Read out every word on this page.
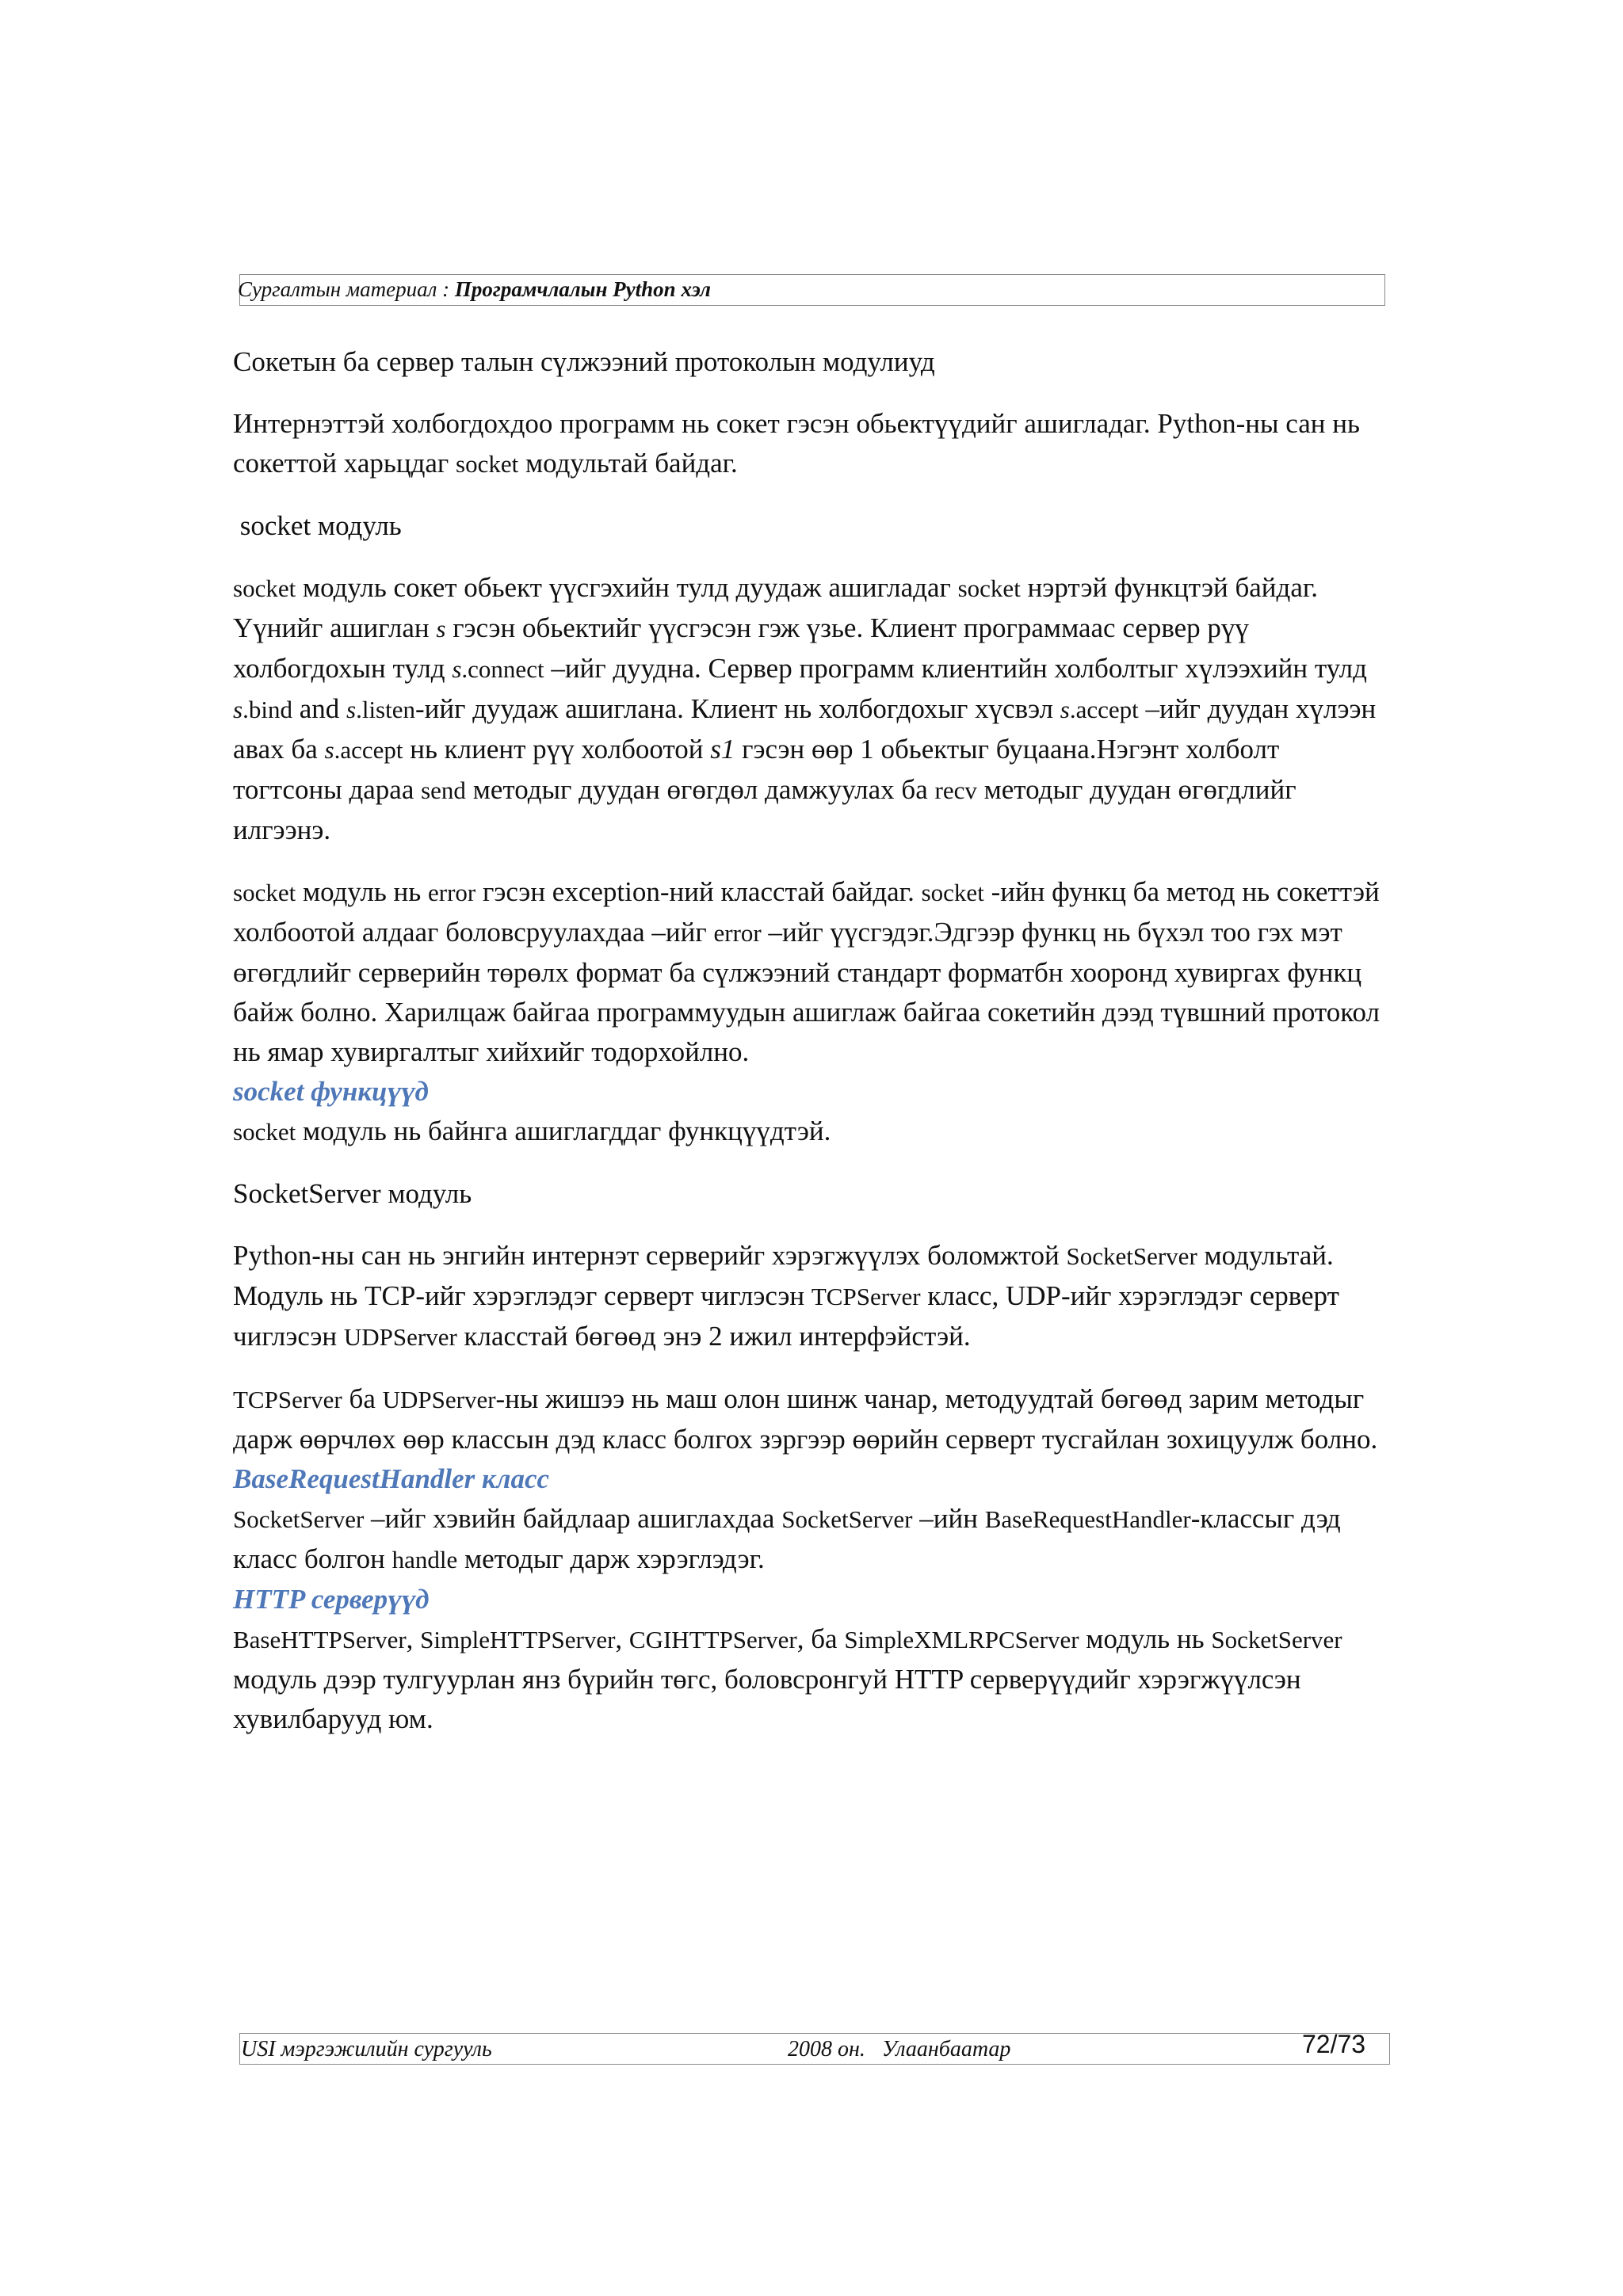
Сургалтын материал : Програмчлалын Python хэл

Сокетын ба сервер талын сүлжээний протоколын модулиуд

Интернэттэй холбогдохдоо программ нь сокет гэсэн обьектүүдийг ашигладаг. Python-ны сан нь сокеттой харьцдаг socket модультай байдаг.

socket модуль

socket модуль сокет обьект үүсгэхийн тулд дуудаж ашигладаг socket нэртэй функцтэй байдаг. Үүнийг ашиглан s гэсэн обьектийг үүсгэсэн гэж үзье. Клиент программаас сервер рүү холбогдохын тулд s.connect –ийг дуудна. Сервер программ клиентийн холболтыг хүлээхийн тулд s.bind and s.listen-ийг дуудаж ашиглана. Клиент нь холбогдохыг хүсвэл s.accept –ийг дуудан хүлээн авах ба s.accept нь клиент рүү холбоотой s1 гэсэн өөр 1 обьектыг буцаана.Нэгэнт холболт тогтсоны дараа send методыг дуудан өгөгдөл дамжуулах ба recv методыг дуудан өгөгдлийг илгээнэ.

socket модуль нь error гэсэн exception-ний класстай байдаг. socket -ийн функц ба метод нь сокеттэй холбоотой алдааг боловсруулахдаа –ийг error –ийг үүсгэдэг.Эдгээр функц нь бүхэл тоо гэх мэт өгөгдлийг серверийн төрөлх формат ба сүлжээний стандарт форматбн хооронд хувиргах функц байж болно. Харилцаж байгаа программуудын ашиглаж байгаа сокетийн дээд түвшний протокол нь ямар хувиргалтыг хийхийг тодорхойлно.

socket функцүүд

socket модуль нь байнга ашиглагддаг функцүүдтэй.

SocketServer модуль

Python-ны сан нь энгийн интернэт серверийг хэрэгжүүлэх боломжтой SocketServer модультай. Модуль нь TCP-ийг хэрэглэдэг серверт чиглэсэн TCPServer класс, UDP-ийг хэрэглэдэг серверт чиглэсэн UDPServer класстай бөгөөд энэ 2 ижил интерфэйстэй.

TCPServer ба UDPServer-ны жишээ нь маш олон шинж чанар, методуудтай бөгөөд зарим методыг дарж өөрчлөх өөр классын дэд класс болгох зэргээр өөрийн серверт тусгайлан зохицуулж болно.

BaseRequestHandler класс

SocketServer –ийг хэвийн байдлаар ашиглахдаа SocketServer –ийн BaseRequestHandler-классыг дэд класс болгон handle методыг дарж хэрэглэдэг.

HTTP серверүүд

BaseHTTPServer, SimpleHTTPServer, CGIHTTPServer, ба SimpleXMLRPCServer модуль нь SocketServer модуль дээр тулгуурлан янз бүрийн төгс, боловсронгуй HTTP серверүүдийг хэрэгжүүлсэн хувилбарууд юм.

USI мэргэжилийн сургууль	2008 он.   Улаанбаатар	72/73
